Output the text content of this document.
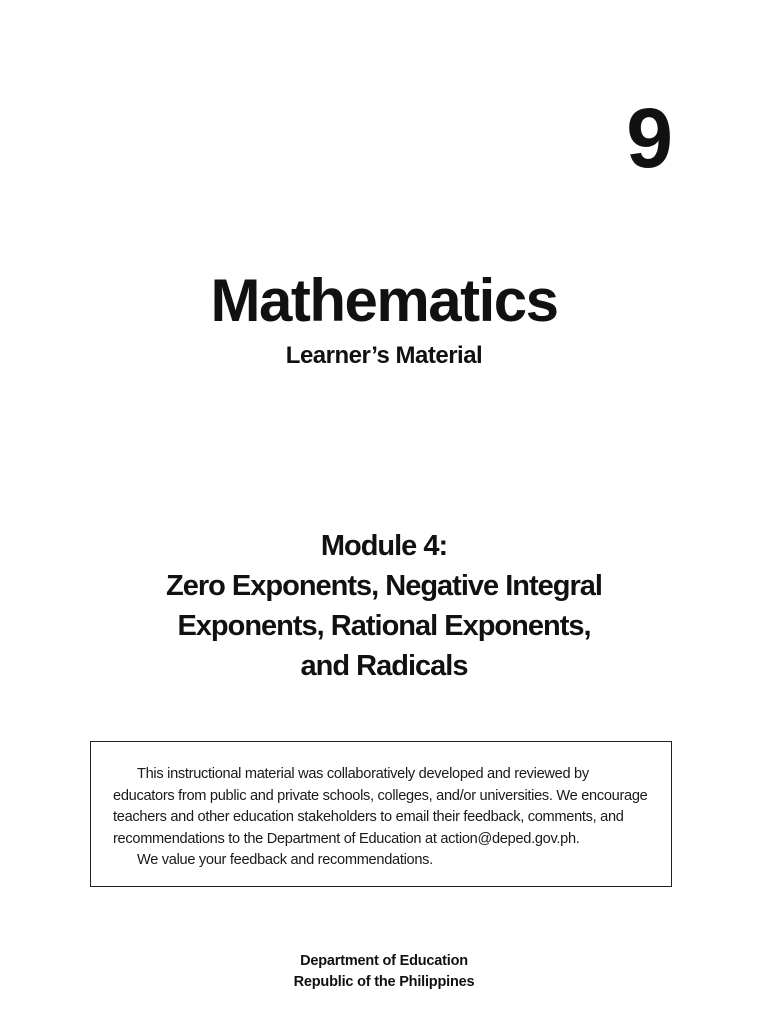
9
Mathematics
Learner’s Material
Module 4:
Zero Exponents, Negative Integral
Exponents, Rational Exponents,
and Radicals

This instructional material was collaboratively developed and reviewed by educators from public and private schools, colleges, and/or universities. We encourage teachers and other education stakeholders to email their feedback, comments, and recommendations to the Department of Education at action@deped.gov.ph.

We value your feedback and recommendations.

Department of Education
Republic of the Philippines
